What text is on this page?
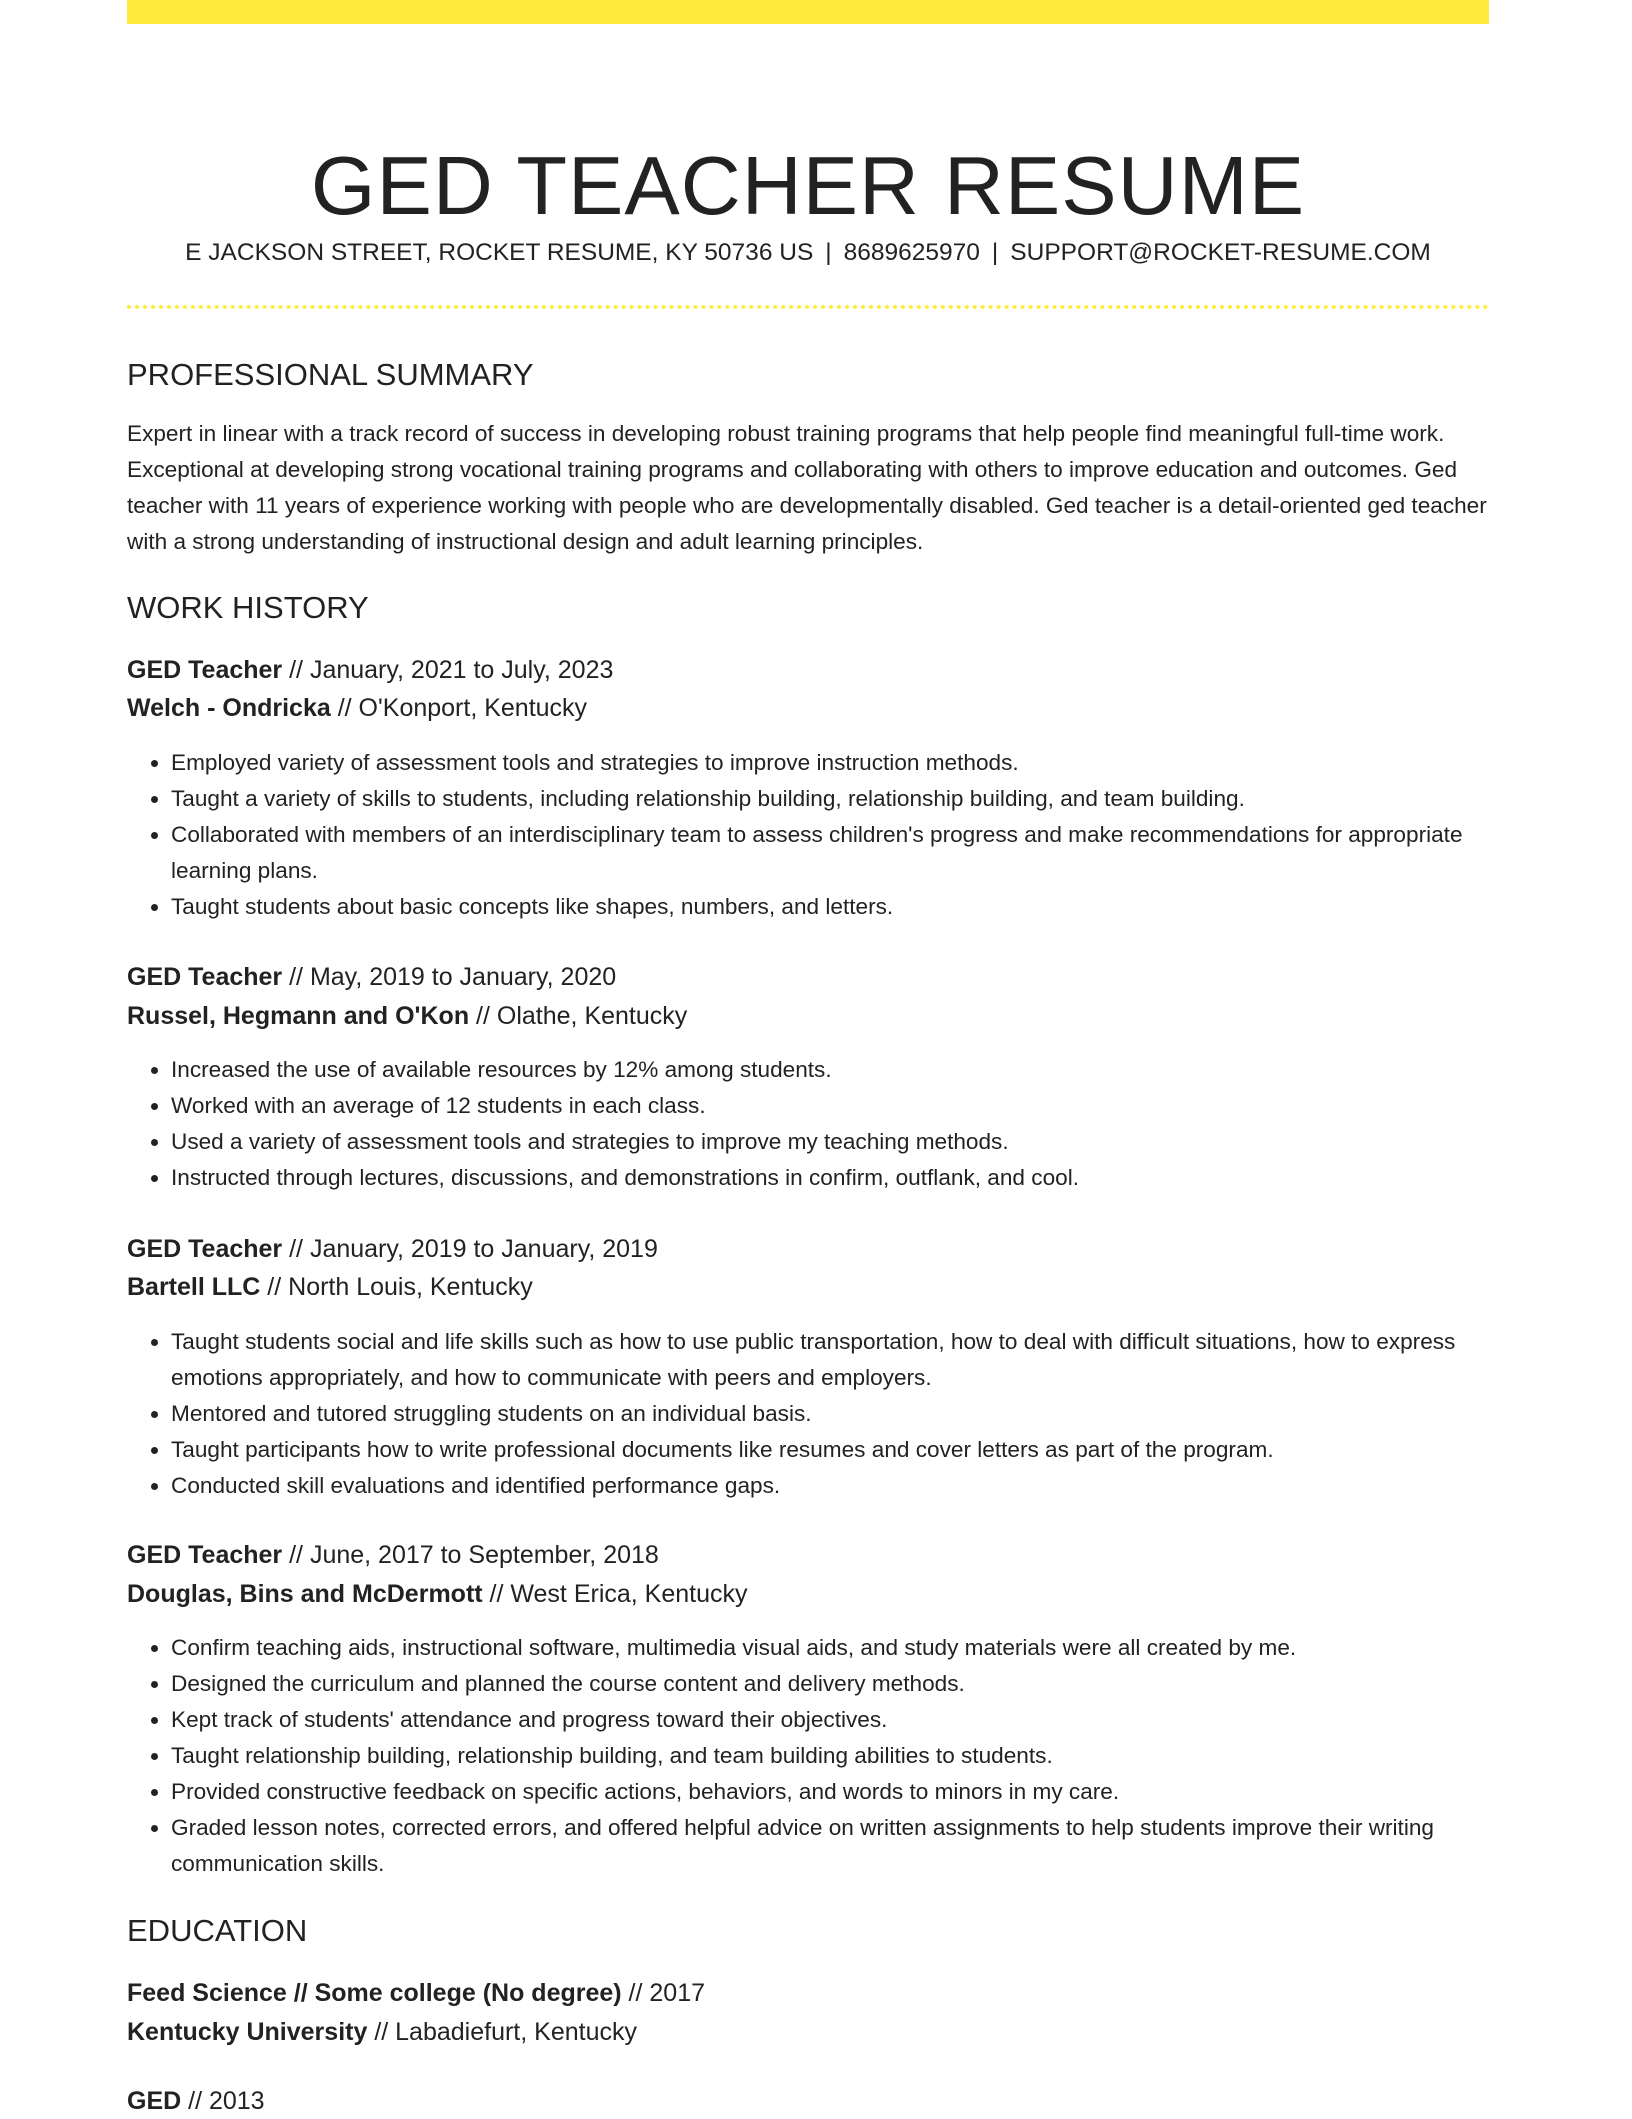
GED TEACHER RESUME
E JACKSON STREET, ROCKET RESUME, KY 50736 US | 8689625970 | SUPPORT@ROCKET-RESUME.COM
PROFESSIONAL SUMMARY

Expert in linear with a track record of success in developing robust training programs that help people find meaningful full-time work. Exceptional at developing strong vocational training programs and collaborating with others to improve education and outcomes. Ged teacher with 11 years of experience working with people who are developmentally disabled. Ged teacher is a detail-oriented ged teacher with a strong understanding of instructional design and adult learning principles.

WORK HISTORY
GED Teacher // January, 2021 to July, 2023
Welch - Ondricka // O'Konport, Kentucky
• Employed variety of assessment tools and strategies to improve instruction methods.
• Taught a variety of skills to students, including relationship building, relationship building, and team building.
• Collaborated with members of an interdisciplinary team to assess children's progress and make recommendations for appropriate learning plans.
• Taught students about basic concepts like shapes, numbers, and letters.
GED Teacher // May, 2019 to January, 2020
Russel, Hegmann and O'Kon // Olathe, Kentucky
• Increased the use of available resources by 12% among students.
• Worked with an average of 12 students in each class.
• Used a variety of assessment tools and strategies to improve my teaching methods.
• Instructed through lectures, discussions, and demonstrations in confirm, outflank, and cool.
GED Teacher // January, 2019 to January, 2019
Bartell LLC // North Louis, Kentucky
• Taught students social and life skills such as how to use public transportation, how to deal with difficult situations, how to express emotions appropriately, and how to communicate with peers and employers.
• Mentored and tutored struggling students on an individual basis.
• Taught participants how to write professional documents like resumes and cover letters as part of the program.
• Conducted skill evaluations and identified performance gaps.
GED Teacher // June, 2017 to September, 2018
Douglas, Bins and McDermott // West Erica, Kentucky
• Confirm teaching aids, instructional software, multimedia visual aids, and study materials were all created by me.
• Designed the curriculum and planned the course content and delivery methods.
• Kept track of students' attendance and progress toward their objectives.
• Taught relationship building, relationship building, and team building abilities to students.
• Provided constructive feedback on specific actions, behaviors, and words to minors in my care.
• Graded lesson notes, corrected errors, and offered helpful advice on written assignments to help students improve their writing communication skills.
EDUCATION
Feed Science // Some college (No degree) // 2017
Kentucky University // Labadiefurt, Kentucky
GED // 2013
